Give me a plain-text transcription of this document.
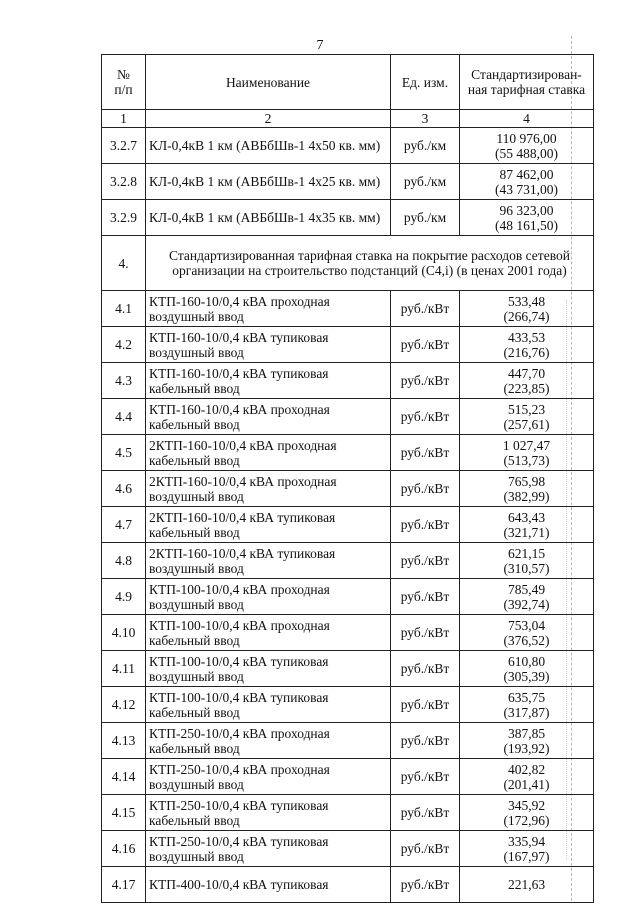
7
№
п/п	Наименование	Ед. изм.	Стандартизирован-ная тарифная ставка
1	2	3	4
3.2.7	КЛ-0,4кВ 1 км (АВБбШв-1 4х50 кв. мм)	руб./км	110 976,00
(55 488,00)

3.2.8	КЛ-0,4кВ 1 км (АВБбШв-1 4х25 кв. мм)	руб./км	87 462,00
(43 731,00)

3.2.9	КЛ-0,4кВ 1 км (АВБбШв-1 4х35 кв. мм)	руб./км	96 323,00
(48 161,50)

4.	Стандартизированная тарифная ставка на покрытие расходов сетевой организации на строительство подстанций (С4,i) (в ценах 2001 года)		
4.1	КТП-160-10/0,4 кВА проходная воздушный ввод	руб./кВт	533,48
(266,74)

4.2	КТП-160-10/0,4 кВА тупиковая воздушный ввод	руб./кВт	433,53
(216,76)

4.3	КТП-160-10/0,4 кВА тупиковая кабельный ввод	руб./кВт	447,70
(223,85)

4.4	КТП-160-10/0,4 кВА проходная кабельный ввод	руб./кВт	515,23
(257,61)

4.5	2КТП-160-10/0,4 кВА проходная кабельный ввод	руб./кВт	1 027,47
(513,73)

4.6	2КТП-160-10/0,4 кВА проходная воздушный ввод	руб./кВт	765,98
(382,99)

4.7	2КТП-160-10/0,4 кВА тупиковая кабельный ввод	руб./кВт	643,43
(321,71)

4.8	2КТП-160-10/0,4 кВА тупиковая воздушный ввод	руб./кВт	621,15
(310,57)

4.9	КТП-100-10/0,4 кВА проходная воздушный ввод	руб./кВт	785,49
(392,74)

4.10	КТП-100-10/0,4 кВА проходная кабельный ввод	руб./кВт	753,04
(376,52)

4.11	КТП-100-10/0,4 кВА тупиковая воздушный ввод	руб./кВт	610,80
(305,39)

4.12	КТП-100-10/0,4 кВА тупиковая кабельный ввод	руб./кВт	635,75
(317,87)

4.13	КТП-250-10/0,4 кВА проходная кабельный ввод	руб./кВт	387,85
(193,92)

4.14	КТП-250-10/0,4 кВА проходная воздушный ввод	руб./кВт	402,82
(201,41)

4.15	КТП-250-10/0,4 кВА тупиковая кабельный ввод	руб./кВт	345,92
(172,96)

4.16	КТП-250-10/0,4 кВА тупиковая воздушный ввод	руб./кВт	335,94
(167,97)

4.17	КТП-400-10/0,4 кВА тупиковая	руб./кВт	221,63
